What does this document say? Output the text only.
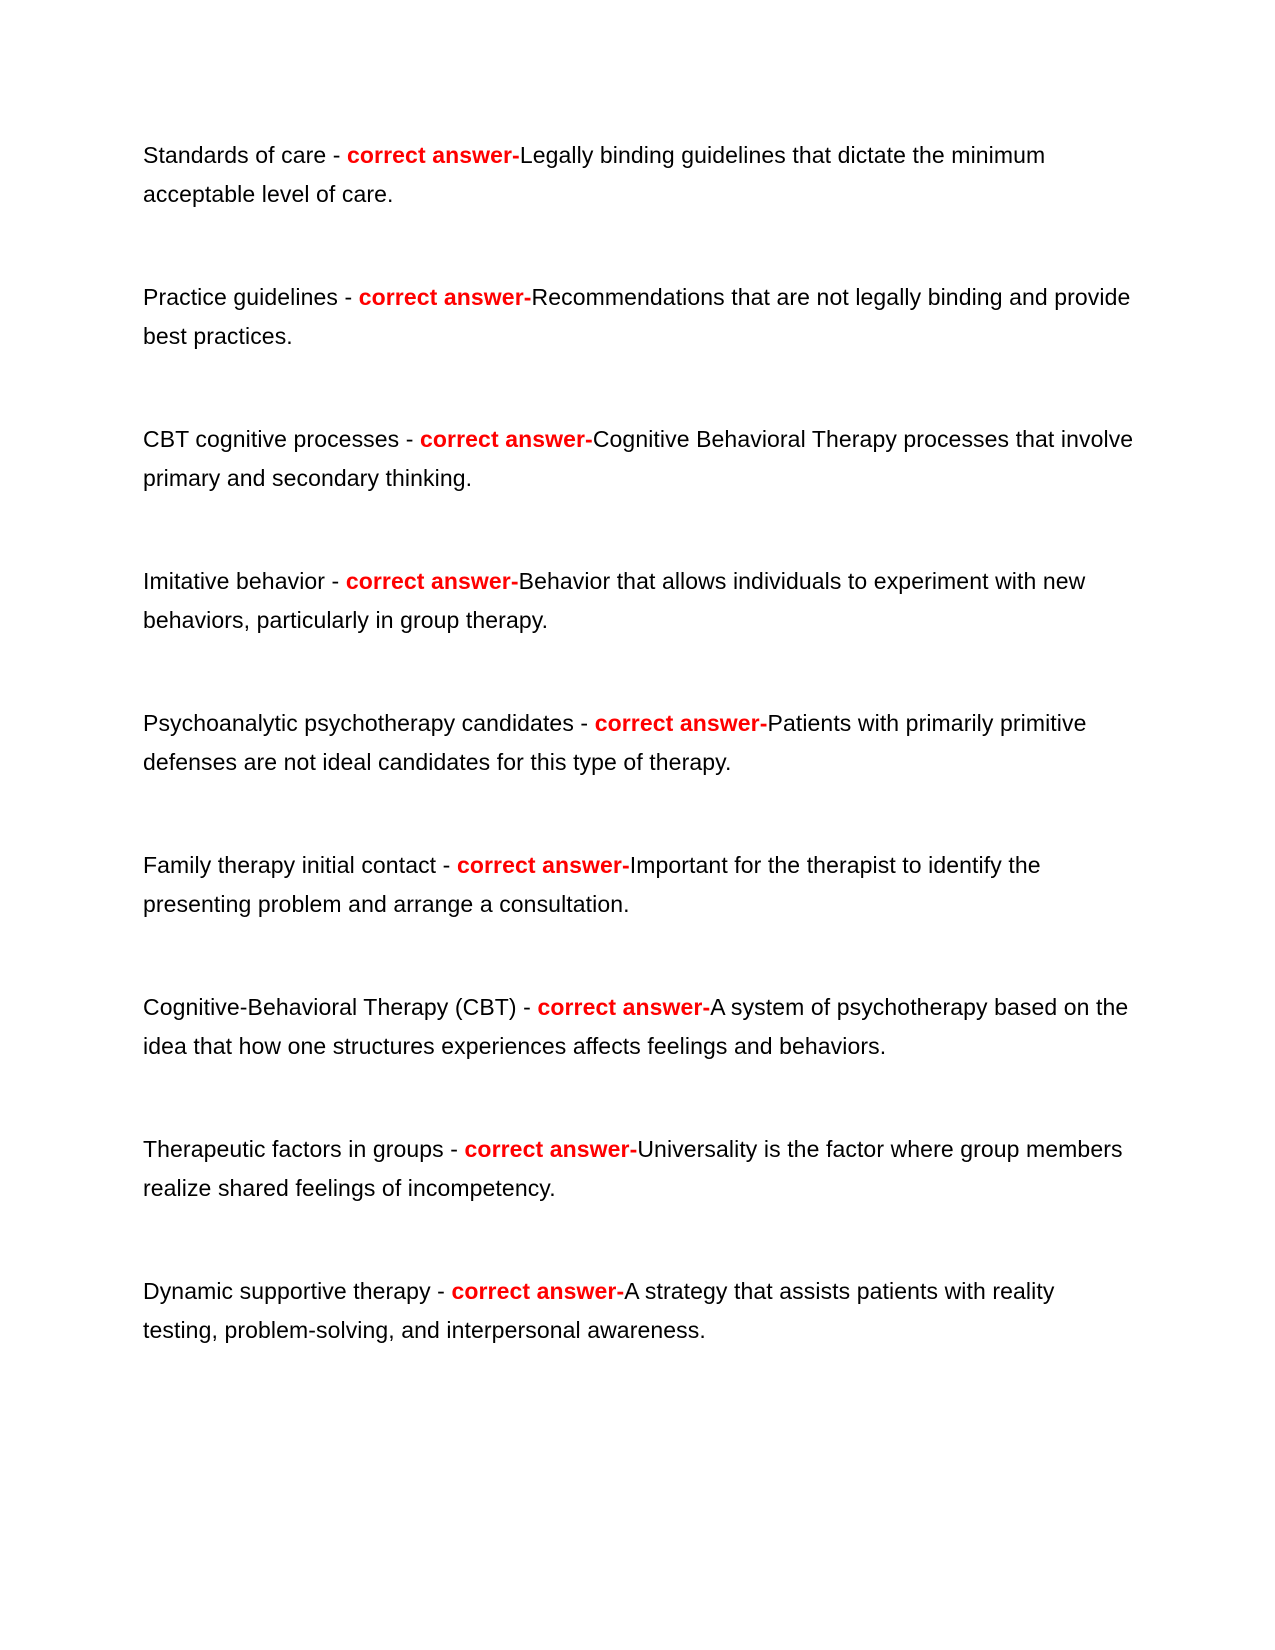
Standards of care - correct answer-Legally binding guidelines that dictate the minimum acceptable level of care.

Practice guidelines - correct answer-Recommendations that are not legally binding and provide best practices.

CBT cognitive processes - correct answer-Cognitive Behavioral Therapy processes that involve primary and secondary thinking.

Imitative behavior - correct answer-Behavior that allows individuals to experiment with new behaviors, particularly in group therapy.

Psychoanalytic psychotherapy candidates - correct answer-Patients with primarily primitive defenses are not ideal candidates for this type of therapy.

Family therapy initial contact - correct answer-Important for the therapist to identify the presenting problem and arrange a consultation.

Cognitive-Behavioral Therapy (CBT) - correct answer-A system of psychotherapy based on the idea that how one structures experiences affects feelings and behaviors.

Therapeutic factors in groups - correct answer-Universality is the factor where group members realize shared feelings of incompetency.

Dynamic supportive therapy - correct answer-A strategy that assists patients with reality testing, problem-solving, and interpersonal awareness.
